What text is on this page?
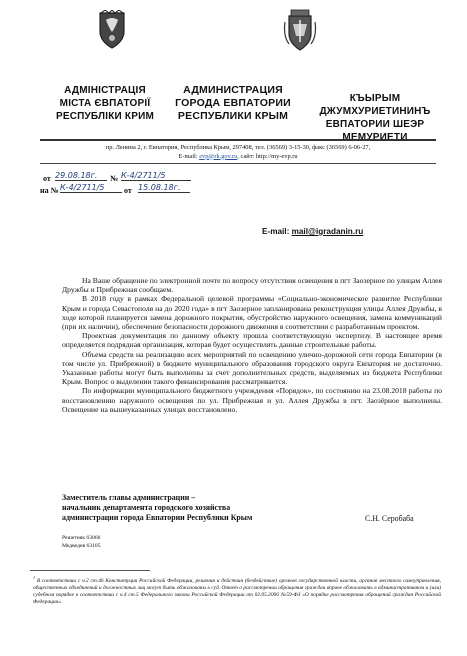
АДМІНІСТРАЦІЯ
МІСТА ЄВПАТОРІЇ
РЕСПУБЛІКИ КРИМ
АДМИНИСТРАЦИЯ
ГОРОДА ЕВПАТОРИИ
РЕСПУБЛИКИ КРЫМ
КЪЫРЫМ
ДЖУМХУРИЕТИНИНЪ
ЕВПАТОРИИ ШЕЭР
МЕМУРИЕТИ
пр. Ленина 2, г. Евпатория, Республика Крым, 297408, тел. (36569) 3-15-30, факс (36569) 6-06-27,
E-mail: evp@rk.gov.ru, сайт: http://my-evp.ru
от 29.08.18г.	№ К-4/2711/5
на № К-4/2711/5	от 15.08.18г.
E-mail: mail@igradanin.ru

На Ваше обращение по электронной почте по вопросу отсутствия освещения в пгт Заозерное по улицам Аллея Дружбы и Прибрежная сообщаем.

В 2018 году в рамках Федеральной целевой программы «Социально-экономическое развитие Республики Крым и города Севастополя на до 2020 года» в пгт Заозерное запланирована реконструкция улицы Аллея Дружбы, в ходе которой планируется замена дорожного покрытия, обустройство наружного освещения, замена коммуникаций (при их наличии), обеспечение безопасности дорожного движения в соответствии с разработанным проектом.

Проектная документация по данному объекту прошла соответствующую экспертизу. В настоящее время определяется подрядная организация, которая будет осуществлять данные строительные работы.

Объема средств на реализацию всех мероприятий по освещению улично-дорожной сети города Евпатории (в том числе ул. Прибрежной) в бюджете муниципального образования городского округа Евпатория не достаточно. Указанные работы могут быть выполнены за счет дополнительных средств, выделяемых из бюджета Республики Крым. Вопрос о выделении такого финансирования рассматривается.

По информации муниципального бюджетного учреждения «Порядок», по состоянию на 23.08.2018 работы по восстановлению наружного освещения по ул. Прибрежная и ул. Аллея Дружбы в пгт. Заозёрное выполнены. Освещение на вышеуказанных улицах восстановлено.

Заместитель главы администрации –
начальник департамента городского хозяйства
администрации города Евпатории Республики Крым	С.Н. Серобаба
Решетняк 63066
Медведев 63105
$^1$ В соответствии с ч.2 ст.46 Конституции Российской Федерации, решения и действия (бездействие) органов государственной власти, органов местного самоуправления, общественных объединений и должностных лиц могут быть обжалованы в суд. Ответ о рассмотрении обращения граждан вправе обжаловать в административном и (или) судебном порядке в соответствии с ч.4 ст.5 Федерального закона Российской Федерации от 02.05.2006 №59-ФЗ «О порядке рассмотрения обращений граждан Российской Федерации».
